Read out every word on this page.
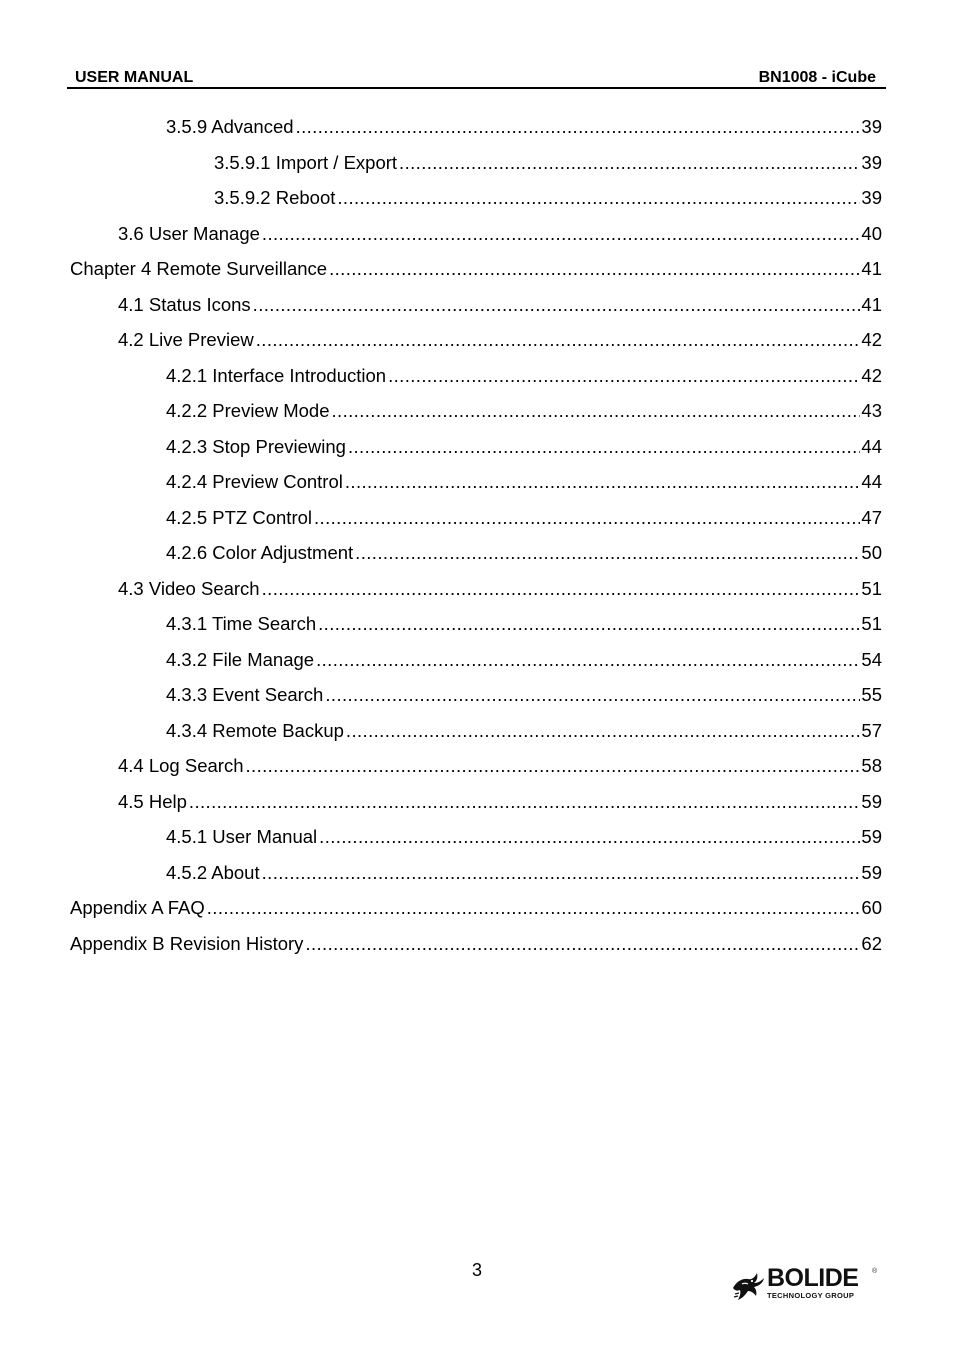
USER MANUAL	BN1008 - iCube
3.5.9 Advanced .....	39
3.5.9.1 Import / Export .....	39
3.5.9.2 Reboot .....	39
3.6 User Manage .....	40
Chapter 4 Remote Surveillance .....	41
4.1 Status Icons .....	41
4.2 Live Preview .....	42
4.2.1 Interface Introduction .....	42
4.2.2 Preview Mode .....	43
4.2.3 Stop Previewing .....	44
4.2.4 Preview Control .....	44
4.2.5 PTZ Control .....	47
4.2.6 Color Adjustment .....	50
4.3 Video Search .....	51
4.3.1 Time Search .....	51
4.3.2 File Manage .....	54
4.3.3 Event Search .....	55
4.3.4 Remote Backup .....	57
4.4 Log Search .....	58
4.5 Help .....	59
4.5.1 User Manual .....	59
4.5.2 About .....	59
Appendix A FAQ .....	60
Appendix B Revision History .....	62
3	BOLIDE ®
TECHNOLOGY GROUP
